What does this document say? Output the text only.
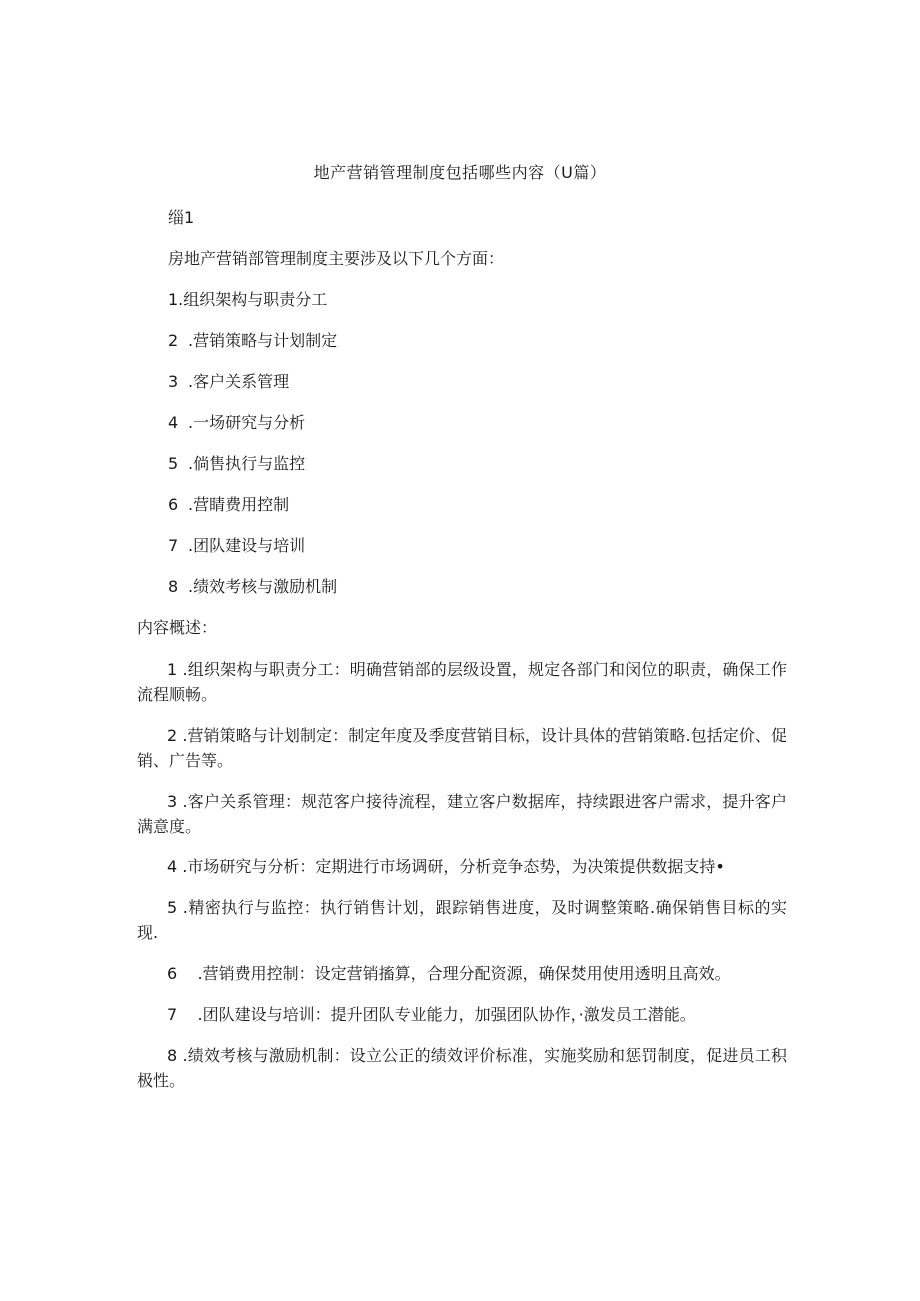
地产营销管理制度包括哪些内容（U篇）
缁1
房地产营销部管理制度主要涉及以下几个方面：
1.组织架构与职责分工
2 .营销策略与计划制定
3 .客户关系管理
4 .一场研究与分析
5 .倘售执行与监控
6 .营睛费用控制
7 .团队建设与培训
8 .绩效考核与激励机制
内容概述：
1 .组织架构与职责分工：明确营销部的层级设置，规定各部门和闵位的职责，确保工作流程顺畅。
2 .营销策略与计划制定：制定年度及季度营销目标，设计具体的营销策略.包括定价、促销、广告等。
3 .客户关系管理：规范客户接待流程，建立客户数据库，持续跟进客户需求，提升客户满意度。
4 .市场研究与分析：定期进行市场调研，分析竞争态势，为决策提供数据支持•
5 .精密执行与监控：执行销售计划，跟踪销售进度，及时调整策略.确保销售目标的实现.
6 .营销费用控制：设定营销搐算，合理分配资源，确保焚用使用透明且高效。
7 .团队建设与培训：提升团队专业能力，加强团队协作，·激发员工潜能。
8 .绩效考核与激励机制：设立公正的绩效评价标准，实施奖励和惩罚制度，促进员工积极性。
